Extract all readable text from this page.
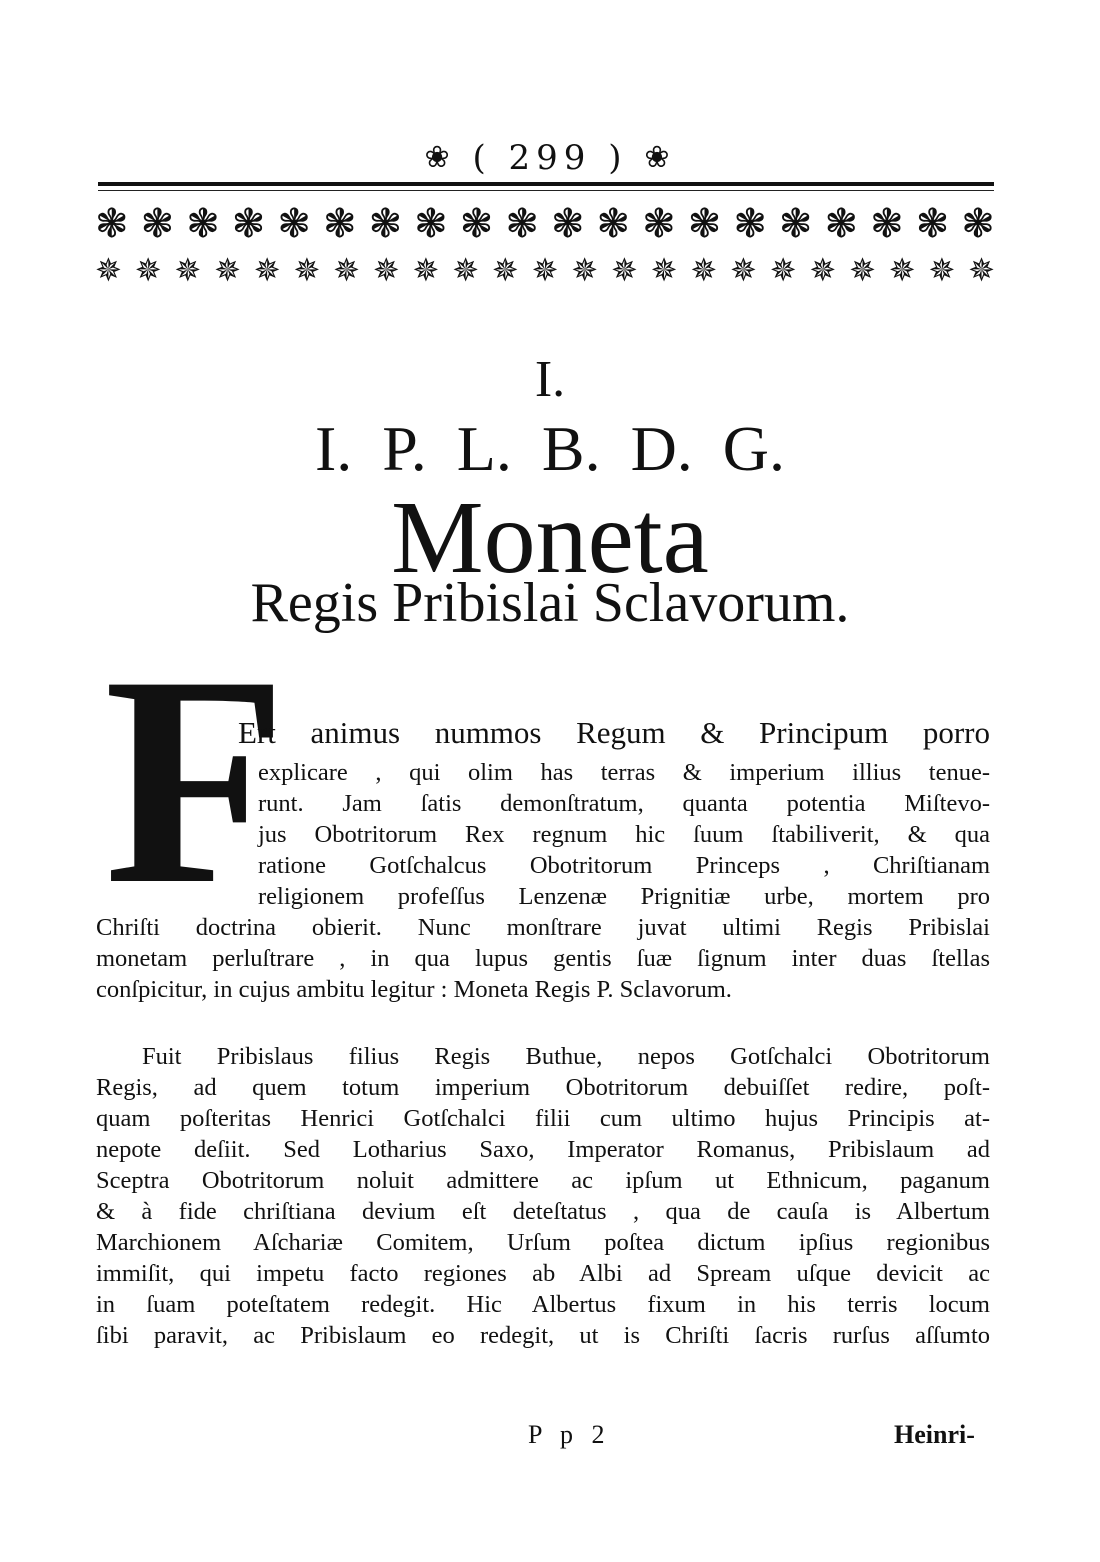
❀ ( 299 ) ❀
❃ ❃ ❃ ❃ ❃ ❃ ❃ ❃ ❃ ❃ ❃ ❃ ❃ ❃ ❃ ❃ ❃ ❃ ❃ ❃
✵ ✵ ✵ ✵ ✵ ✵ ✵ ✵ ✵ ✵ ✵ ✵ ✵ ✵ ✵ ✵ ✵ ✵ ✵ ✵ ✵ ✵ ✵
I.
I. P. L. B. D. G.
Moneta
Regis Pribislai Sclavorum.
F
Ert animus nummos Regum & Principum porro
explicare , qui olim has terras & imperium illius tenue-
runt. Jam ſatis demonſtratum, quanta potentia Miſtevo-
jus Obotritorum Rex regnum hic ſuum ſtabiliverit, & qua
ratione Gotſchalcus Obotritorum Princeps , Chriſtianam
religionem profeſſus Lenzenæ Prignitiæ urbe, mortem pro
Chriſti doctrina obierit. Nunc monſtrare juvat ultimi Regis Pribislai
monetam perluſtrare , in qua lupus gentis ſuæ ſignum inter duas ſtellas
conſpicitur, in cujus ambitu legitur : Moneta Regis P. Sclavorum.
Fuit Pribislaus filius Regis Buthue, nepos Gotſchalci Obotritorum
Regis, ad quem totum imperium Obotritorum debuiſſet redire, poſt-
quam poſteritas Henrici Gotſchalci filii cum ultimo hujus Principis at-
nepote deſiit. Sed Lotharius Saxo, Imperator Romanus, Pribislaum ad
Sceptra Obotritorum noluit admittere ac ipſum ut Ethnicum, paganum
& à fide chriſtiana devium eſt deteſtatus , qua de cauſa is Albertum
Marchionem Aſchariæ Comitem, Urſum poſtea dictum ipſius regionibus
immiſit, qui impetu facto regiones ab Albi ad Spream uſque devicit ac
in ſuam poteſtatem redegit. Hic Albertus fixum in his terris locum
ſibi paravit, ac Pribislaum eo redegit, ut is Chriſti ſacris rurſus aſſumto
P p 2	Heinri-
